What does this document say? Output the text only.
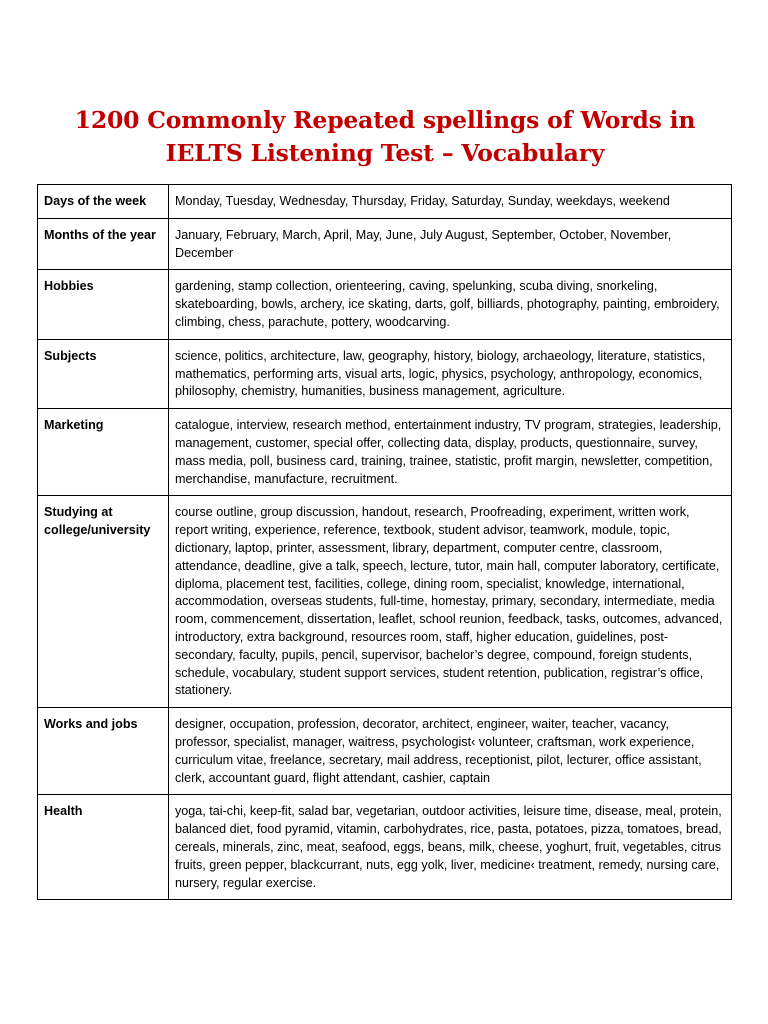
1200 Commonly Repeated spellings of Words in
IELTS Listening Test – Vocabulary
Days of the week	Monday, Tuesday, Wednesday, Thursday, Friday, Saturday, Sunday, weekdays, weekend
Months of the year	January, February, March, April, May, June, July August, September, October, November, December
Hobbies	gardening, stamp collection, orienteering, caving, spelunking, scuba diving, snorkeling, skateboarding, bowls, archery, ice skating, darts, golf, billiards, photography, painting, embroidery, climbing, chess, parachute, pottery, woodcarving.
Subjects	science, politics, architecture, law, geography, history, biology, archaeology, literature, statistics, mathematics, performing arts, visual arts, logic, physics, psychology, anthropology, economics, philosophy, chemistry, humanities, business management, agriculture.
Marketing	catalogue, interview, research method, entertainment industry, TV program, strategies, leadership, management, customer, special offer, collecting data, display, products, questionnaire, survey, mass media, poll, business card, training, trainee, statistic, profit margin, newsletter, competition, merchandise, manufacture, recruitment.
Studying at college/university	course outline, group discussion, handout, research, Proofreading, experiment, written work, report writing, experience, reference, textbook, student advisor, teamwork, module, topic, dictionary, laptop, printer, assessment, library, department, computer centre, classroom, attendance, deadline, give a talk, speech, lecture, tutor, main hall, computer laboratory, certificate, diploma, placement test, facilities, college, dining room, specialist, knowledge, international, accommodation, overseas students, full-time, homestay, primary, secondary, intermediate, media room, commencement, dissertation, leaflet, school reunion, feedback, tasks, outcomes, advanced, introductory, extra background, resources room, staff, higher education, guidelines, post-secondary, faculty, pupils, pencil, supervisor, bachelor’s degree, compound, foreign students, schedule, vocabulary, student support services, student retention, publication, registrar’s office, stationery.
Works and jobs	designer, occupation, profession, decorator, architect, engineer, waiter, teacher, vacancy, professor, specialist, manager, waitress, psychologist‹ volunteer, craftsman, work experience, curriculum vitae, freelance, secretary, mail address, receptionist, pilot, lecturer, office assistant, clerk, accountant guard, flight attendant, cashier, captain
Health	yoga, tai-chi, keep-fit, salad bar, vegetarian, outdoor activities, leisure time, disease, meal, protein, balanced diet, food pyramid, vitamin, carbohydrates, rice, pasta, potatoes, pizza, tomatoes, bread, cereals, minerals, zinc, meat, seafood, eggs, beans, milk, cheese, yoghurt, fruit, vegetables, citrus fruits, green pepper, blackcurrant, nuts, egg yolk, liver, medicine‹ treatment, remedy, nursing care, nursery, regular exercise.
